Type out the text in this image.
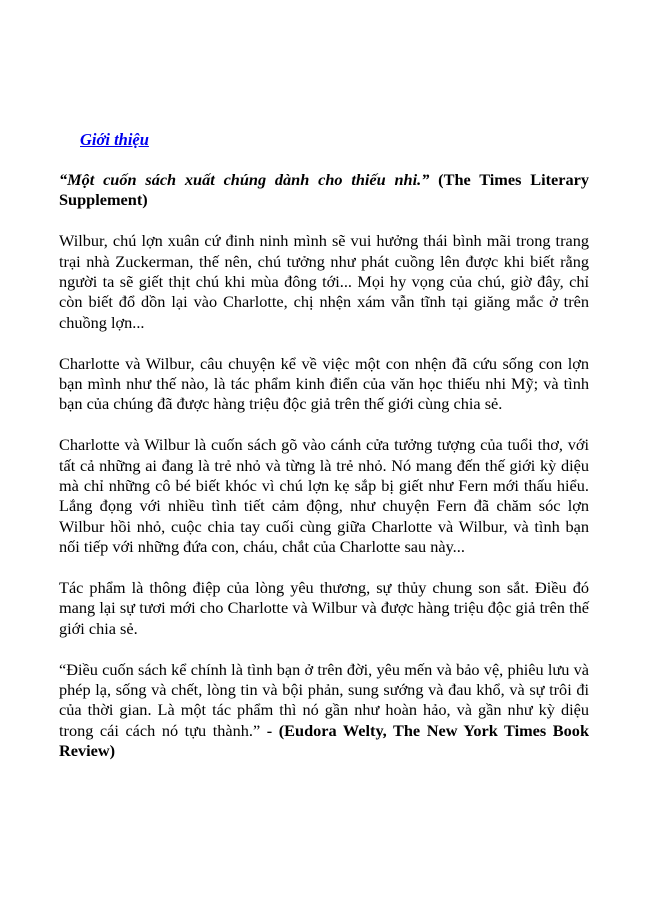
Giới thiệu

“Một cuốn sách xuất chúng dành cho thiếu nhi.” (The Times Literary Supplement)

Wilbur, chú lợn xuân cứ đinh ninh mình sẽ vui hưởng thái bình mãi trong trang trại nhà Zuckerman, thế nên, chú tưởng như phát cuồng lên được khi biết rằng người ta sẽ giết thịt chú khi mùa đông tới... Mọi hy vọng của chú, giờ đây, chỉ còn biết đổ dồn lại vào Charlotte, chị nhện xám vẫn tĩnh tại giăng mắc ở trên chuồng lợn...

Charlotte và Wilbur, câu chuyện kể về việc một con nhện đã cứu sống con lợn bạn mình như thế nào, là tác phẩm kinh điển của văn học thiếu nhi Mỹ; và tình bạn của chúng đã được hàng triệu độc giả trên thế giới cùng chia sẻ.

Charlotte và Wilbur là cuốn sách gõ vào cánh cửa tưởng tượng của tuổi thơ, với tất cả những ai đang là trẻ nhỏ và từng là trẻ nhỏ. Nó mang đến thế giới kỳ diệu mà chỉ những cô bé biết khóc vì chú lợn kẹ sắp bị giết như Fern mới thấu hiểu. Lắng đọng với nhiều tình tiết cảm động, như chuyện Fern đã chăm sóc lợn Wilbur hồi nhỏ, cuộc chia tay cuối cùng giữa Charlotte và Wilbur, và tình bạn nối tiếp với những đứa con, cháu, chắt của Charlotte sau này...

Tác phẩm là thông điệp của lòng yêu thương, sự thủy chung son sắt. Điều đó mang lại sự tươi mới cho Charlotte và Wilbur và được hàng triệu độc giả trên thế giới chia sẻ.

“Điều cuốn sách kể chính là tình bạn ở trên đời, yêu mến và bảo vệ, phiêu lưu và phép lạ, sống và chết, lòng tin và bội phản, sung sướng và đau khổ, và sự trôi đi của thời gian. Là một tác phẩm thì nó gần như hoàn hảo, và gần như kỳ diệu trong cái cách nó tựu thành.” - (Eudora Welty, The New York Times Book Review)
